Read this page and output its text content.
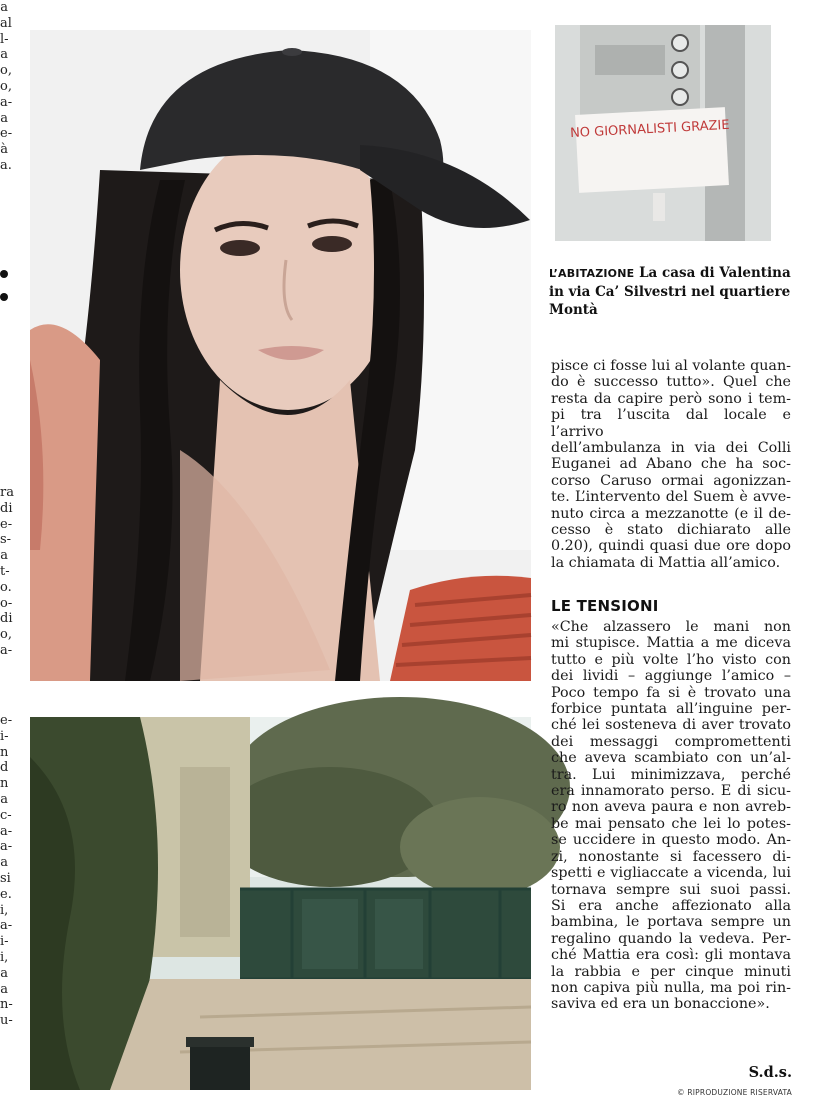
a
al
l-
a
o,
o,
a-
a
e-
à
a.
ra
di
e-
s-
a
t-
o.
o-
di
o,
a-
e-
i-
n
d
n
a
c-
a-
a-
a
si
e.
i,
a-
i-
i,
a
a
n-
u-
NO GIORNALISTI GRAZIE
L’ABITAZIONE La casa di Valentina in via Ca’ Silvestri nel quartiere Montà
pisce ci fosse lui al volante quan-
do è successo tutto». Quel che
resta da capire però sono i tem-
pi tra l’uscita dal locale e l’arrivo
dell’ambulanza in via dei Colli
Euganei ad Abano che ha soc-
corso Caruso ormai agonizzan-
te. L’intervento del Suem è avve-
nuto circa a mezzanotte (e il de-
cesso è stato dichiarato alle
0.20), quindi quasi due ore dopo
la chiamata di Mattia all’amico.
LE TENSIONI
«Che alzassero le mani non
mi stupisce. Mattia a me diceva
tutto e più volte l’ho visto con
dei lividi – aggiunge l’amico –
Poco tempo fa si è trovato una
forbice puntata all’inguine per-
ché lei sosteneva di aver trovato
dei messaggi compromettenti
che aveva scambiato con un’al-
tra. Lui minimizzava, perché
era innamorato perso. E di sicu-
ro non aveva paura e non avreb-
be mai pensato che lei lo potes-
se uccidere in questo modo. An-
zi, nonostante si facessero di-
spetti e vigliaccate a vicenda, lui
tornava sempre sui suoi passi.
Si era anche affezionato alla
bambina, le portava sempre un
regalino quando la vedeva. Per-
ché Mattia era così: gli montava
la rabbia e per cinque minuti
non capiva più nulla, ma poi rin-
saviva ed era un bonaccione».
S.d.s.
© RIPRODUZIONE RISERVATA
